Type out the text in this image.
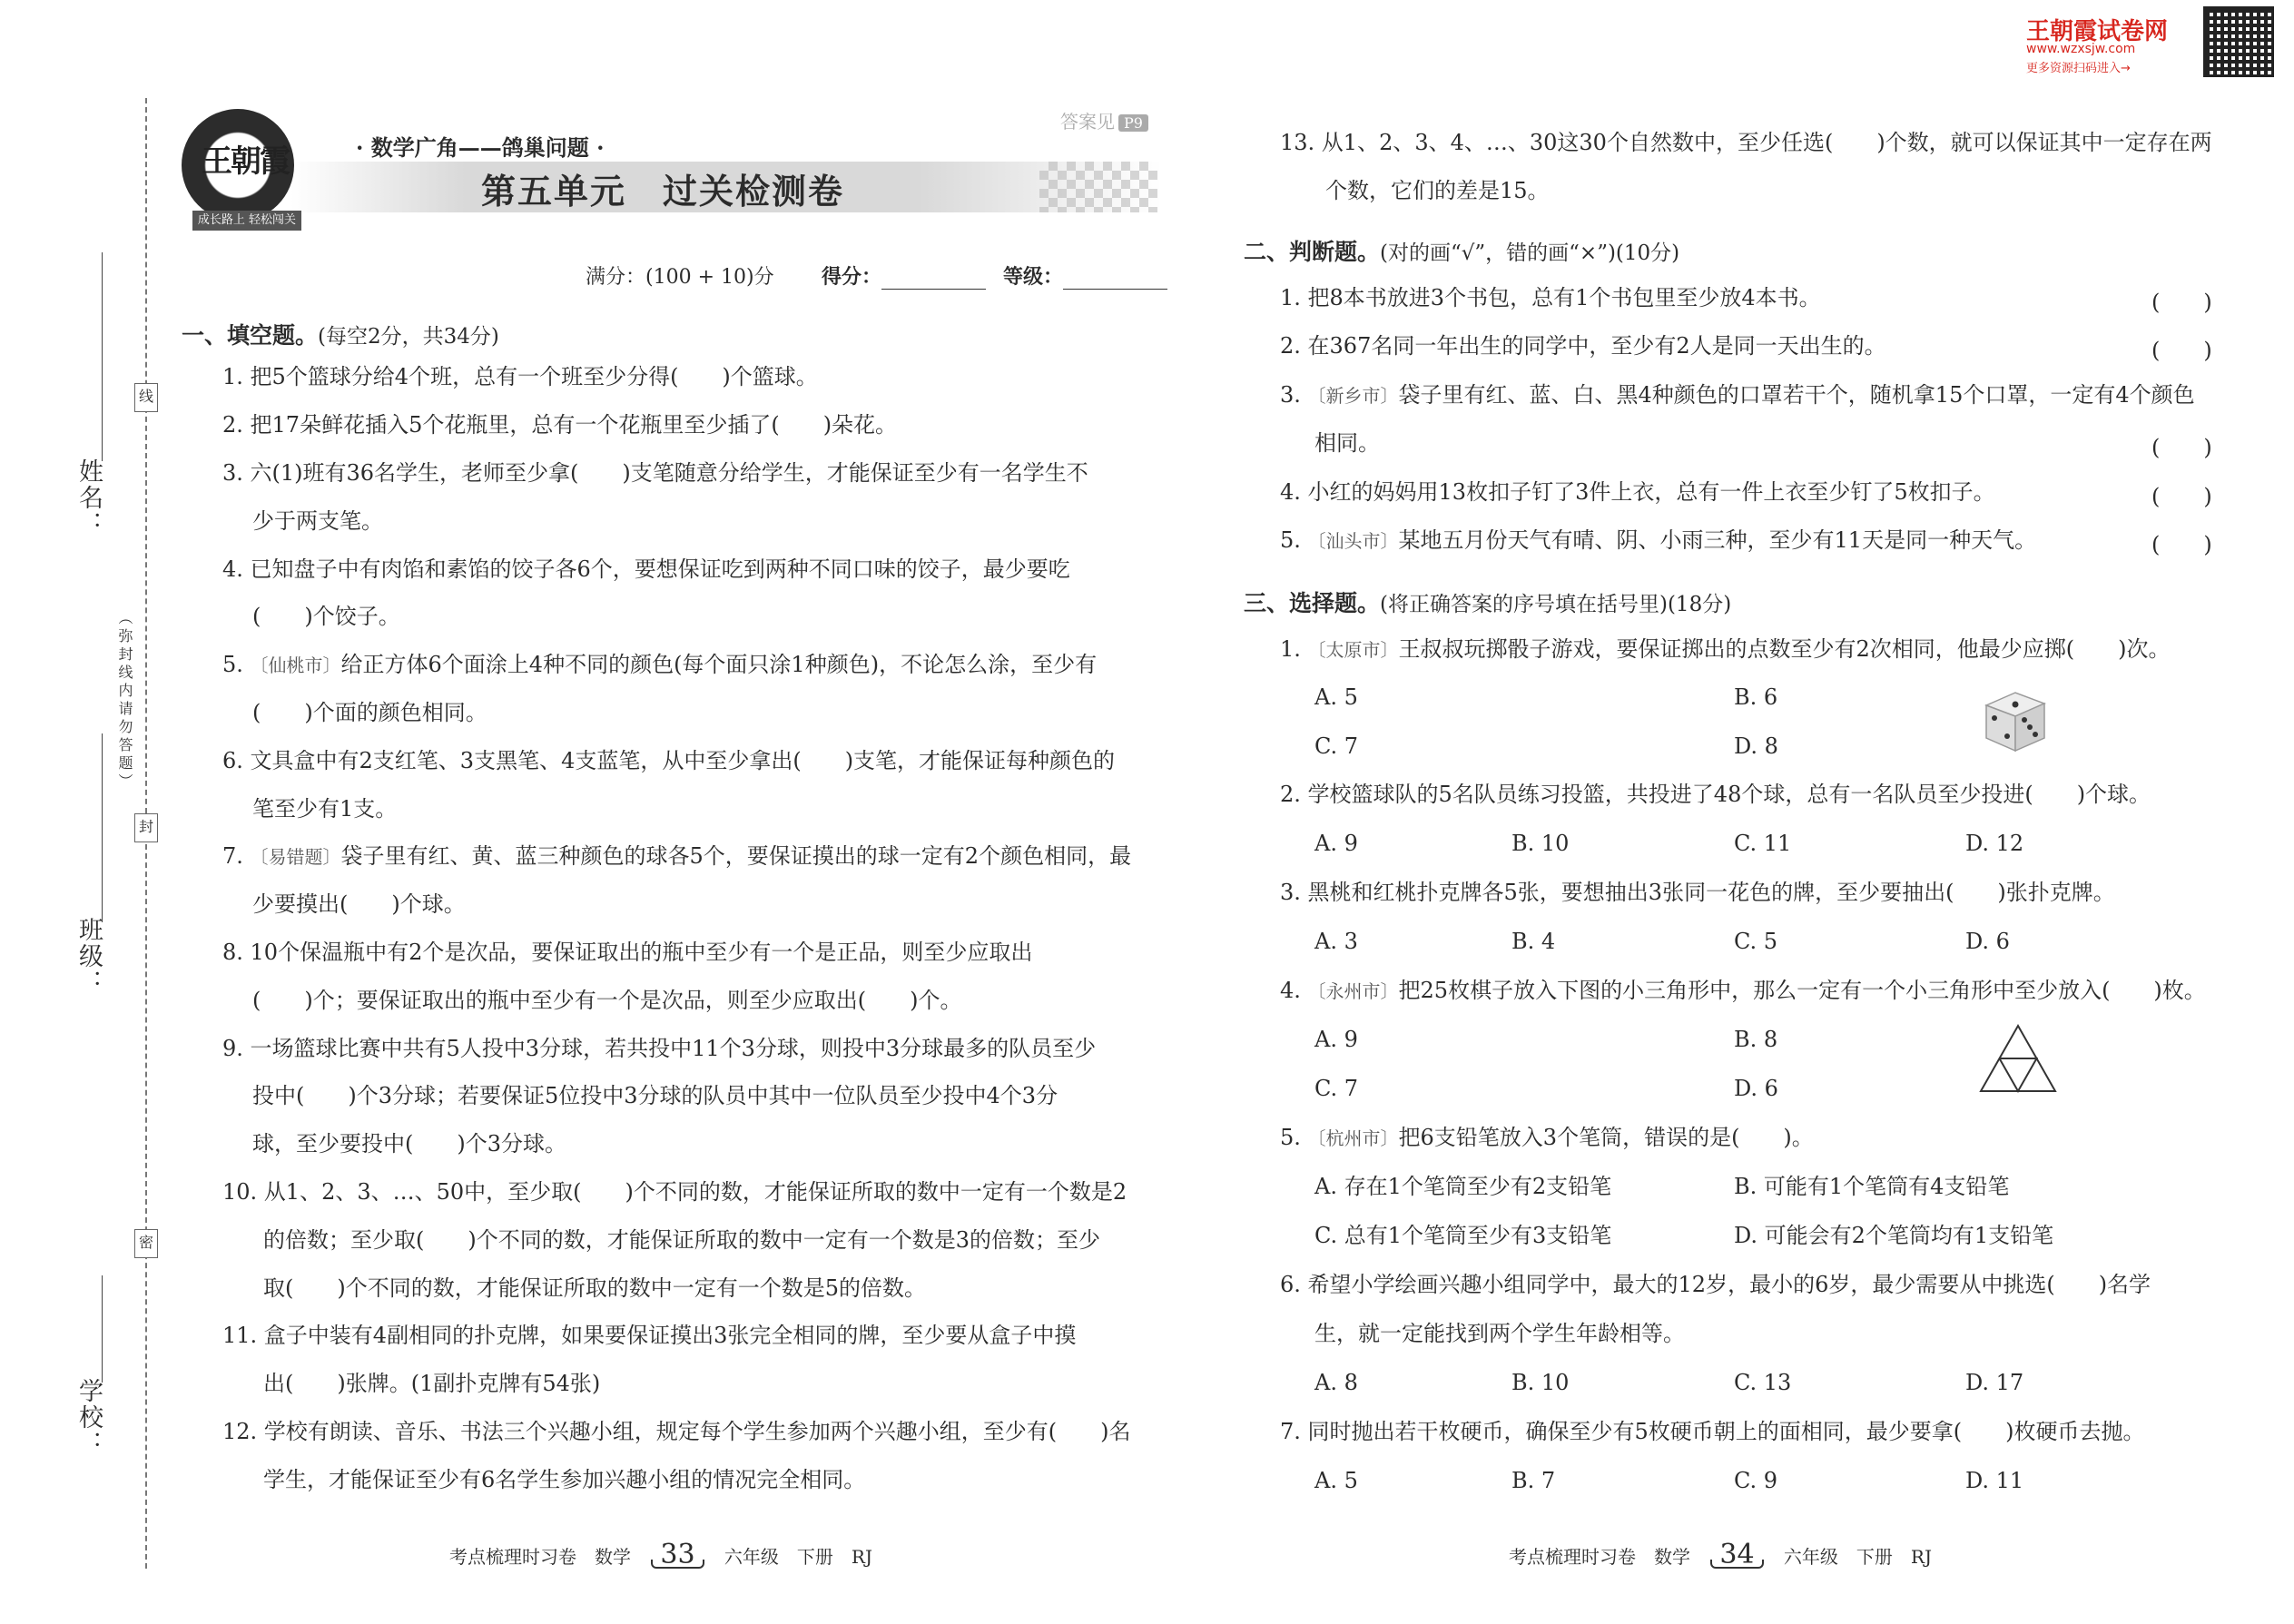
王朝霞试卷网
www.wzxsjw.com
更多资源扫码进入→
线
封
密
（弥封线内请勿答题）
姓名：
班级：
学校：
王朝霞
成长路上 轻松闯关
· 数学广角——鸽巢问题 ·
第五单元　过关检测卷
答案见 P9
满分：(100 + 10)分 得分：	等级：
一、填空题。(每空2分，共34分)
1. 把5个篮球分给4个班，总有一个班至少分得(　　)个篮球。
2. 把17朵鲜花插入5个花瓶里，总有一个花瓶里至少插了(　　)朵花。
3. 六(1)班有36名学生，老师至少拿(　　)支笔随意分给学生，才能保证至少有一名学生不
少于两支笔。
4. 已知盘子中有肉馅和素馅的饺子各6个，要想保证吃到两种不同口味的饺子，最少要吃
(　　)个饺子。
5. 〔仙桃市〕给正方体6个面涂上4种不同的颜色(每个面只涂1种颜色)，不论怎么涂，至少有
(　　)个面的颜色相同。
6. 文具盒中有2支红笔、3支黑笔、4支蓝笔，从中至少拿出(　　)支笔，才能保证每种颜色的
笔至少有1支。
7. 〔易错题〕袋子里有红、黄、蓝三种颜色的球各5个，要保证摸出的球一定有2个颜色相同，最
少要摸出(　　)个球。
8. 10个保温瓶中有2个是次品，要保证取出的瓶中至少有一个是正品，则至少应取出
(　　)个；要保证取出的瓶中至少有一个是次品，则至少应取出(　　)个。
9. 一场篮球比赛中共有5人投中3分球，若共投中11个3分球，则投中3分球最多的队员至少
投中(　　)个3分球；若要保证5位投中3分球的队员中其中一位队员至少投中4个3分
球，至少要投中(　　)个3分球。
10. 从1、2、3、…、50中，至少取(　　)个不同的数，才能保证所取的数中一定有一个数是2
的倍数；至少取(　　)个不同的数，才能保证所取的数中一定有一个数是3的倍数；至少
取(　　)个不同的数，才能保证所取的数中一定有一个数是5的倍数。
11. 盒子中装有4副相同的扑克牌，如果要保证摸出3张完全相同的牌，至少要从盒子中摸
出(　　)张牌。(1副扑克牌有54张)
12. 学校有朗读、音乐、书法三个兴趣小组，规定每个学生参加两个兴趣小组，至少有(　　)名
学生，才能保证至少有6名学生参加兴趣小组的情况完全相同。
13. 从1、2、3、4、…、30这30个自然数中，至少任选(　　)个数，就可以保证其中一定存在两
个数，它们的差是15。
二、判断题。(对的画“√”，错的画“×”)(10分)
1. 把8本书放进3个书包，总有1个书包里至少放4本书。	(　　)
2. 在367名同一年出生的同学中，至少有2人是同一天出生的。	(　　)
3. 〔新乡市〕袋子里有红、蓝、白、黑4种颜色的口罩若干个，随机拿15个口罩，一定有4个颜色
相同。	(　　)
4. 小红的妈妈用13枚扣子钉了3件上衣，总有一件上衣至少钉了5枚扣子。	(　　)
5. 〔汕头市〕某地五月份天气有晴、阴、小雨三种，至少有11天是同一种天气。	(　　)
三、选择题。(将正确答案的序号填在括号里)(18分)
1. 〔太原市〕王叔叔玩掷骰子游戏，要保证掷出的点数至少有2次相同，他最少应掷(　　)次。
A. 5	B. 6
C. 7	D. 8
2. 学校篮球队的5名队员练习投篮，共投进了48个球，总有一名队员至少投进(　　)个球。
A. 9	B. 10	C. 11	D. 12
3. 黑桃和红桃扑克牌各5张，要想抽出3张同一花色的牌，至少要抽出(　　)张扑克牌。
A. 3	B. 4	C. 5	D. 6
4. 〔永州市〕把25枚棋子放入下图的小三角形中，那么一定有一个小三角形中至少放入(　　)枚。
A. 9	B. 8
C. 7	D. 6
5. 〔杭州市〕把6支铅笔放入3个笔筒，错误的是(　　)。
A. 存在1个笔筒至少有2支铅笔	B. 可能有1个笔筒有4支铅笔
C. 总有1个笔筒至少有3支铅笔	D. 可能会有2个笔筒均有1支铅笔
6. 希望小学绘画兴趣小组同学中，最大的12岁，最小的6岁，最少需要从中挑选(　　)名学
生，就一定能找到两个学生年龄相等。
A. 8	B. 10	C. 13	D. 17
7. 同时抛出若干枚硬币，确保至少有5枚硬币朝上的面相同，最少要拿(　　)枚硬币去抛。
A. 5	B. 7	C. 9	D. 11
考点梳理时习卷　数学 33 六年级　下册　RJ	考点梳理时习卷　数学 34 六年级　下册　RJ
